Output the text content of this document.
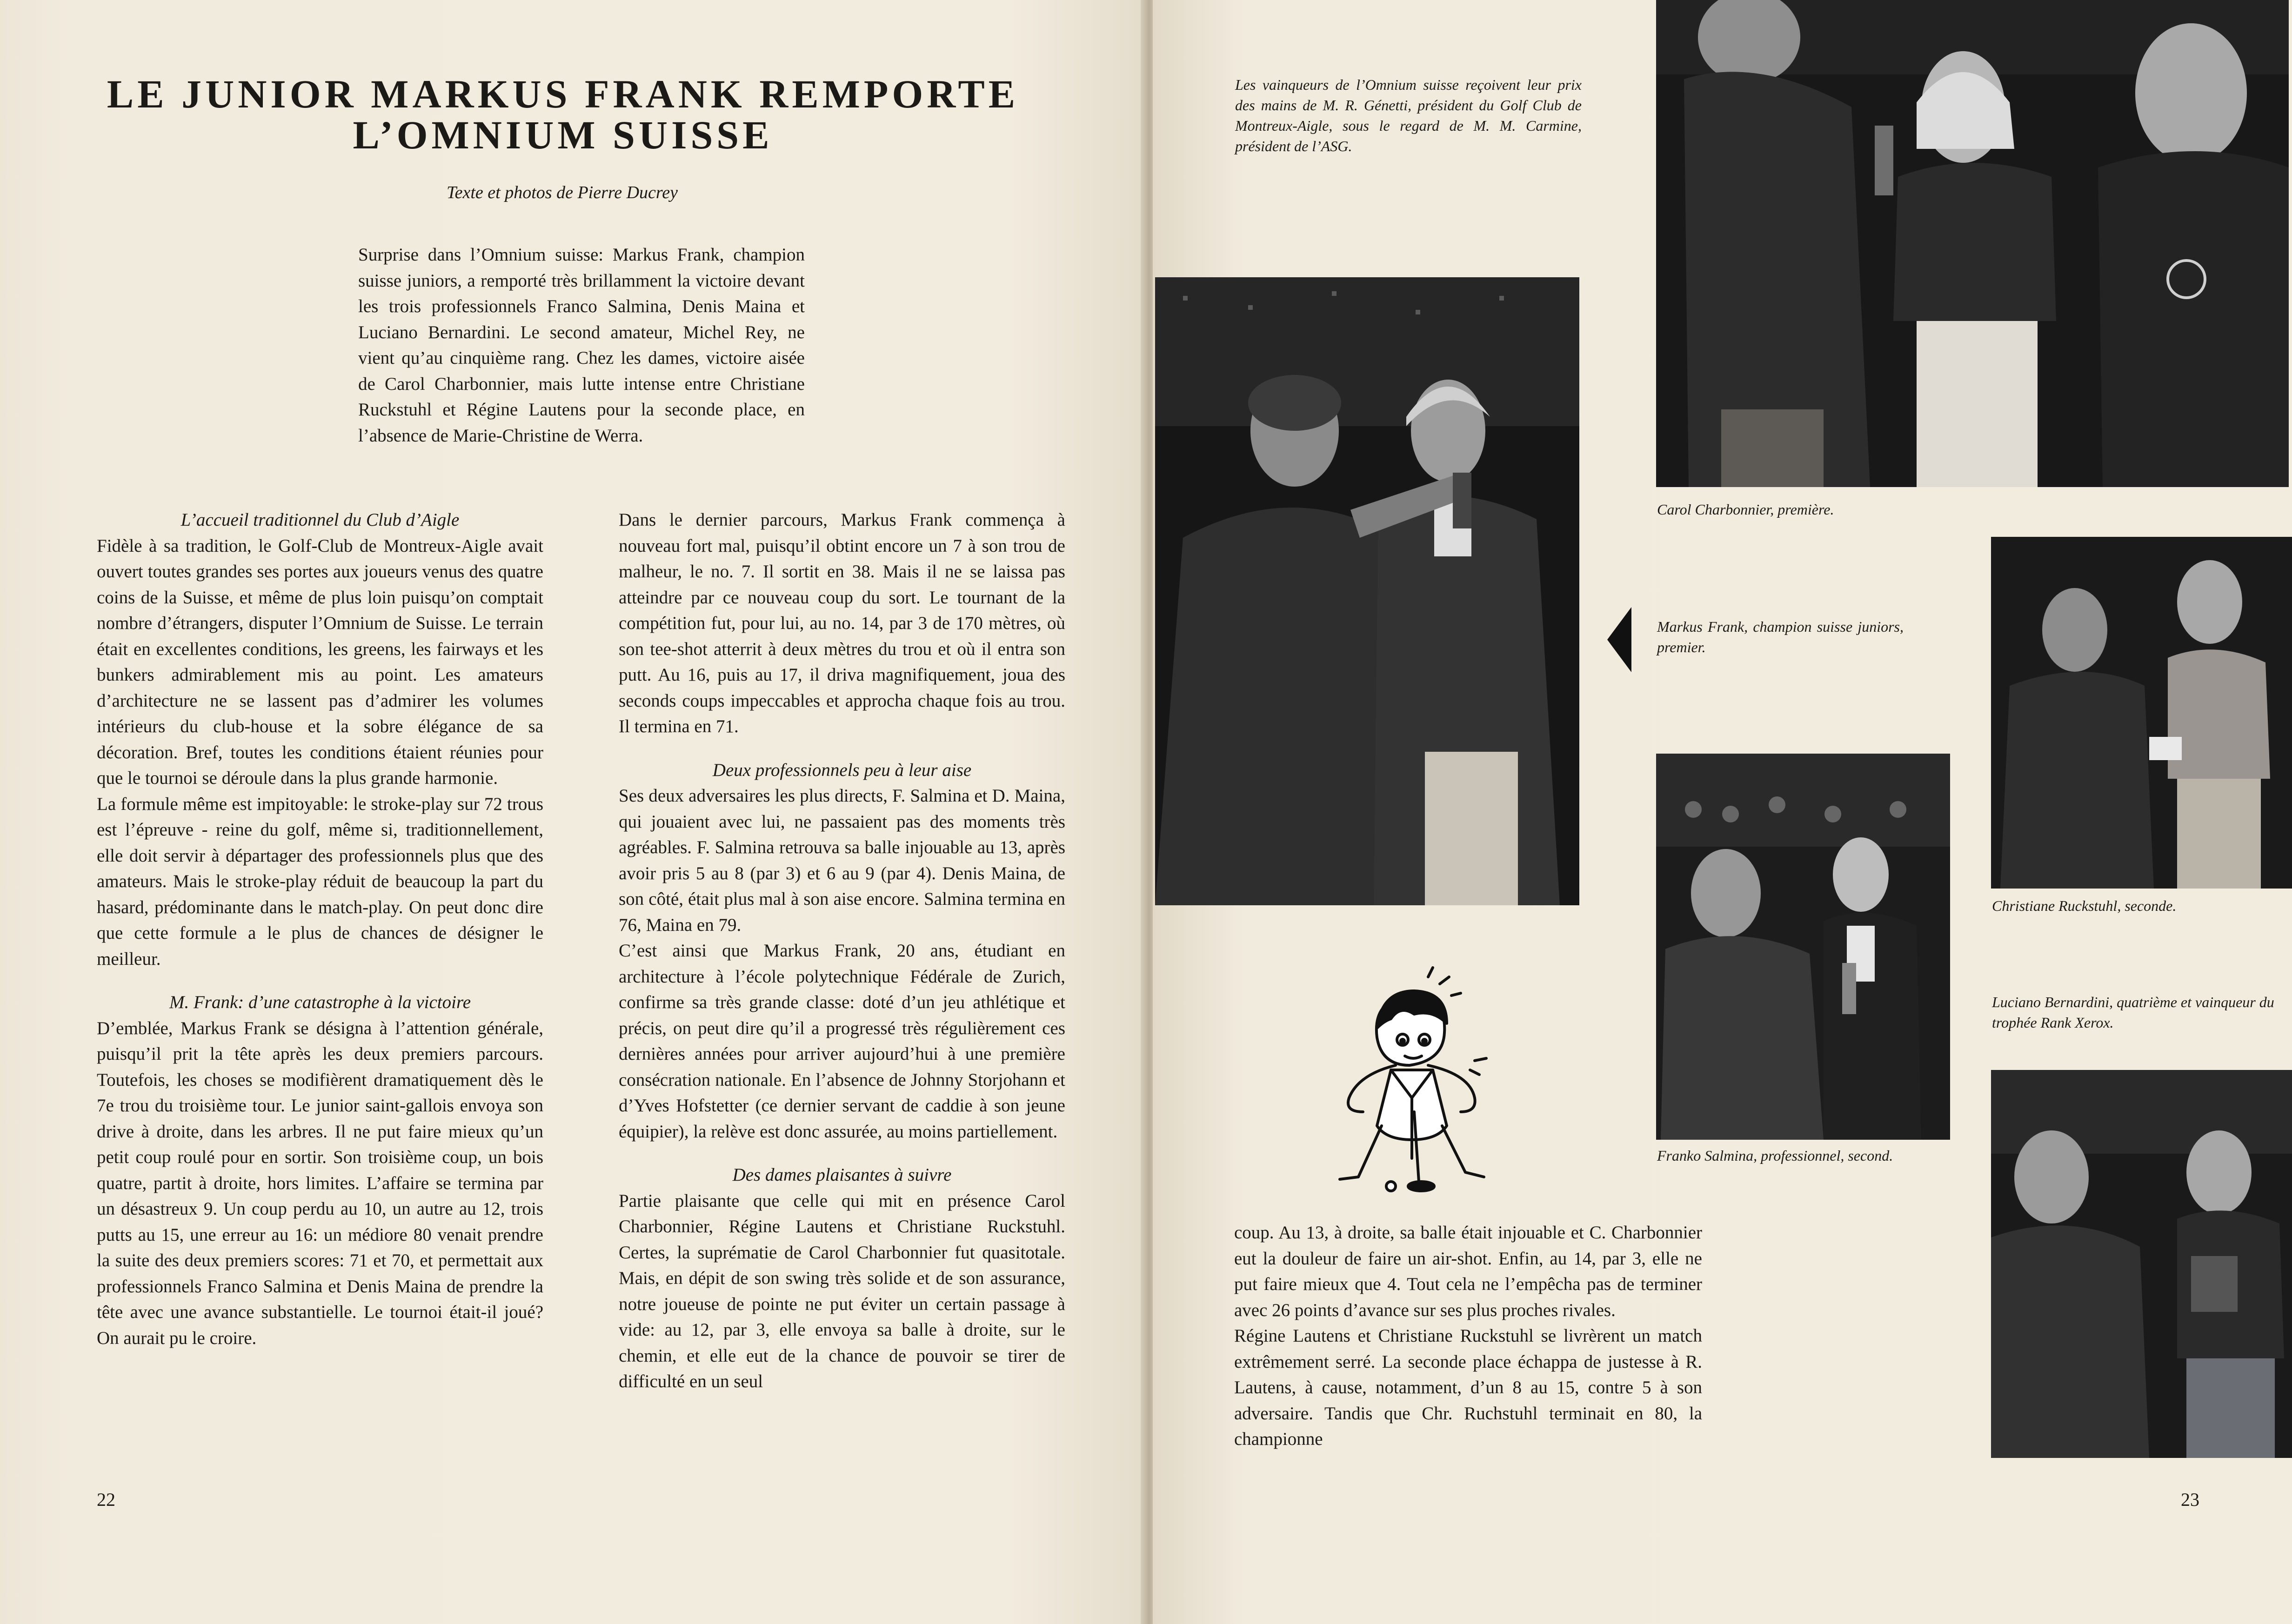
LE JUNIOR MARKUS FRANK REMPORTE
L’OMNIUM SUISSE
Texte et photos de Pierre Ducrey
Surprise dans l’Omnium suisse: Markus Frank, champion suisse juniors, a remporté très brillamment la victoire devant les trois professionnels Franco Salmina, Denis Maina et Luciano Bernardini. Le second amateur, Michel Rey, ne vient qu’au cinquième rang. Chez les dames, victoire aisée de Carol Charbonnier, mais lutte intense entre Christiane Ruckstuhl et Régine Lautens pour la seconde place, en l’absence de Marie-Christine de Werra.
L’accueil traditionnel du Club d’Aigle

Fidèle à sa tradition, le Golf-Club de Montreux-Aigle avait ouvert toutes grandes ses portes aux joueurs venus des quatre coins de la Suisse, et même de plus loin puisqu’on comptait nombre d’étrangers, disputer l’Omnium de Suisse. Le terrain était en excellentes conditions, les greens, les fairways et les bunkers admirablement mis au point. Les amateurs d’architecture ne se lassent pas d’admirer les volumes intérieurs du club-house et la sobre élégance de sa décoration. Bref, toutes les conditions étaient réunies pour que le tournoi se déroule dans la plus grande harmonie.

La formule même est impitoyable: le stroke-play sur 72 trous est l’épreuve - reine du golf, même si, traditionnellement, elle doit servir à départager des professionnels plus que des amateurs. Mais le stroke-play réduit de beaucoup la part du hasard, prédominante dans le match-play. On peut donc dire que cette formule a le plus de chances de désigner le meilleur.

M. Frank: d’une catastrophe à la victoire

D’emblée, Markus Frank se désigna à l’attention générale, puisqu’il prit la tête après les deux premiers parcours. Toutefois, les choses se modifièrent dramatiquement dès le 7e trou du troisième tour. Le junior saint-gallois envoya son drive à droite, dans les arbres. Il ne put faire mieux qu’un petit coup roulé pour en sortir. Son troisième coup, un bois quatre, partit à droite, hors limites. L’affaire se termina par un désastreux 9. Un coup perdu au 10, un autre au 12, trois putts au 15, une erreur au 16: un médiore 80 venait prendre la suite des deux premiers scores: 71 et 70, et permettait aux professionnels Franco Salmina et Denis Maina de prendre la tête avec une avance substantielle. Le tournoi était-il joué? On aurait pu le croire.

Dans le dernier parcours, Markus Frank commença à nouveau fort mal, puisqu’il obtint encore un 7 à son trou de malheur, le no. 7. Il sortit en 38. Mais il ne se laissa pas atteindre par ce nouveau coup du sort. Le tournant de la compétition fut, pour lui, au no. 14, par 3 de 170 mètres, où son tee-shot atterrit à deux mètres du trou et où il entra son putt. Au 16, puis au 17, il driva magnifiquement, joua des seconds coups impeccables et approcha chaque fois au trou. Il termina en 71.

Deux professionnels peu à leur aise

Ses deux adversaires les plus directs, F. Salmina et D. Maina, qui jouaient avec lui, ne passaient pas des moments très agréables. F. Salmina retrouva sa balle injouable au 13, après avoir pris 5 au 8 (par 3) et 6 au 9 (par 4). Denis Maina, de son côté, était plus mal à son aise encore. Salmina termina en 76, Maina en 79.

C’est ainsi que Markus Frank, 20 ans, étudiant en architecture à l’école polytechnique Fédérale de Zurich, confirme sa très grande classe: doté d’un jeu athlétique et précis, on peut dire qu’il a progressé très régulièrement ces dernières années pour arriver aujourd’hui à une première consécration nationale. En l’absence de Johnny Storjohann et d’Yves Hofstetter (ce dernier servant de caddie à son jeune équipier), la relève est donc assurée, au moins partiellement.

Des dames plaisantes à suivre

Partie plaisante que celle qui mit en présence Carol Charbonnier, Régine Lautens et Christiane Ruckstuhl. Certes, la suprématie de Carol Charbonnier fut quasitotale. Mais, en dépit de son swing très solide et de son assurance, notre joueuse de pointe ne put éviter un certain passage à vide: au 12, par 3, elle envoya sa balle à droite, sur le chemin, et elle eut de la chance de pouvoir se tirer de difficulté en un seul

22

Les vainqueurs de l’Omnium suisse reçoivent leur prix des mains de M. R. Génetti, président du Golf Club de Montreux-Aigle, sous le regard de M. M. Carmine, président de l’ASG.
Carol Charbonnier, première.
Markus Frank, champion suisse juniors, premier.
Christiane Ruckstuhl, seconde.
Luciano Bernardini, quatrième et vainqueur du trophée Rank Xerox.
Franko Salmina, professionnel, second.

coup. Au 13, à droite, sa balle était injouable et C. Charbonnier eut la douleur de faire un air-shot. Enfin, au 14, par 3, elle ne put faire mieux que 4. Tout cela ne l’empêcha pas de terminer avec 26 points d’avance sur ses plus proches rivales.

Régine Lautens et Christiane Ruckstuhl se livrèrent un match extrêmement serré. La seconde place échappa de justesse à R. Lautens, à cause, notamment, d’un 8 au 15, contre 5 à son adversaire. Tandis que Chr. Ruchstuhl terminait en 80, la championne

23
